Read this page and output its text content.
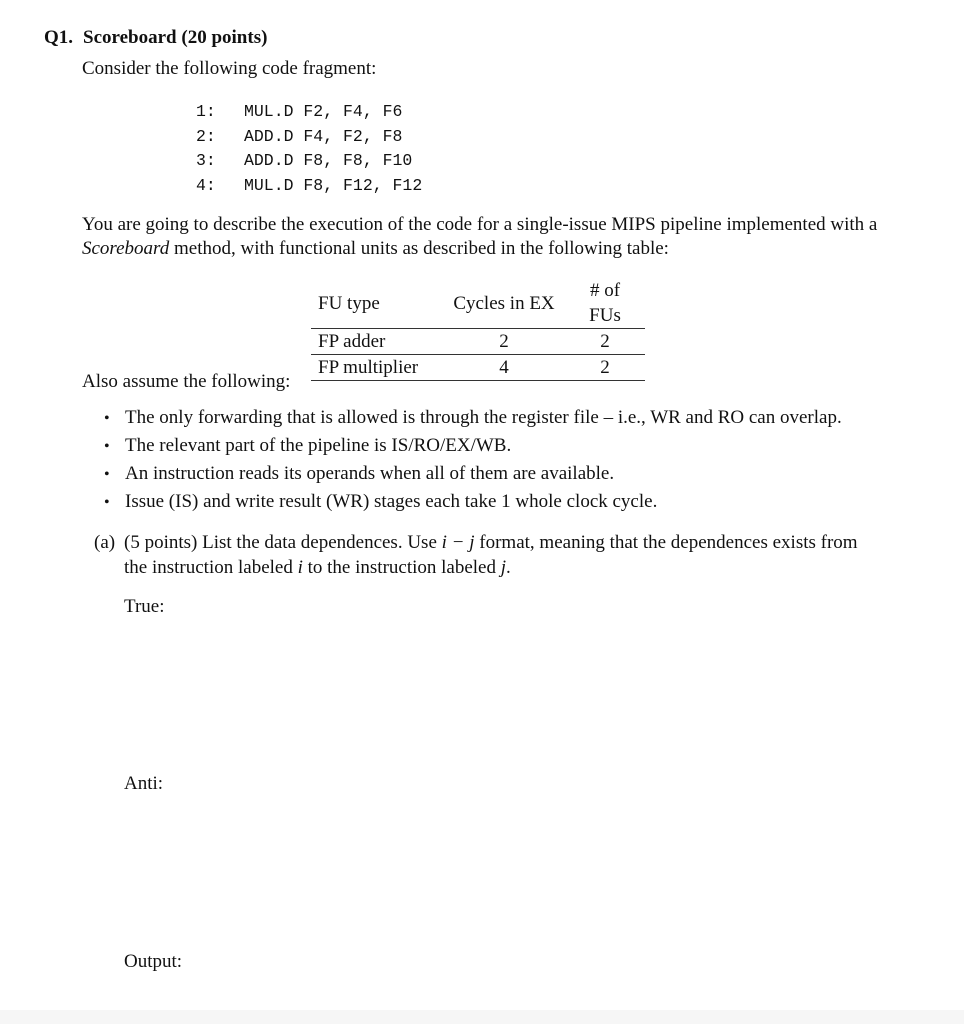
Q1. Scoreboard (20 points)
Consider the following code fragment:
1: MUL.D F2, F4, F6
2: ADD.D F4, F2, F8
3: ADD.D F8, F8, F10
4: MUL.D F8, F12, F12
You are going to describe the execution of the code for a single-issue MIPS pipeline implemented with a Scoreboard method, with functional units as described in the following table:
FU type	Cycles in EX	# of FUs
FP adder	2	2
FP multiplier	4	2
Also assume the following:
• The only forwarding that is allowed is through the register file – i.e., WR and RO can overlap.
• The relevant part of the pipeline is IS/RO/EX/WB.
• An instruction reads its operands when all of them are available.
• Issue (IS) and write result (WR) stages each take 1 whole clock cycle.
(a) (5 points) List the data dependences. Use i − j format, meaning that the dependences exists from
the instruction labeled i to the instruction labeled j.
True:
Anti:
Output:
